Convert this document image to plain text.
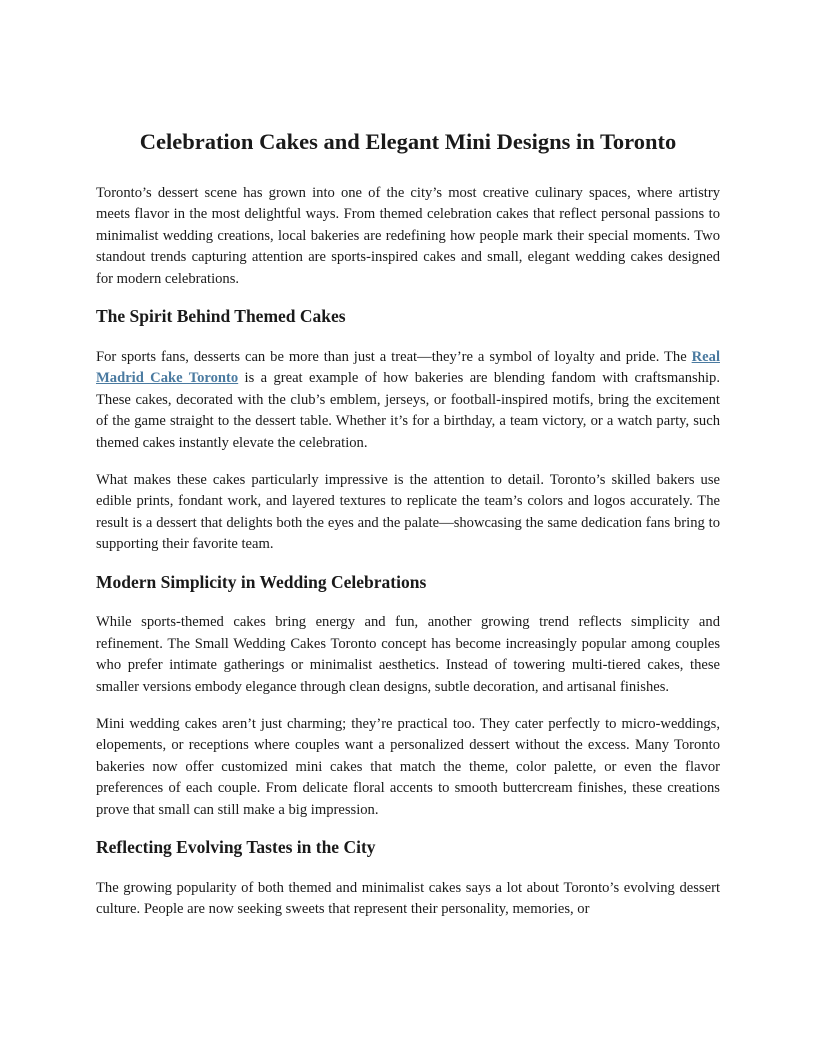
Celebration Cakes and Elegant Mini Designs in Toronto

Toronto’s dessert scene has grown into one of the city’s most creative culinary spaces, where artistry meets flavor in the most delightful ways. From themed celebration cakes that reflect personal passions to minimalist wedding creations, local bakeries are redefining how people mark their special moments. Two standout trends capturing attention are sports-inspired cakes and small, elegant wedding cakes designed for modern celebrations.

The Spirit Behind Themed Cakes

For sports fans, desserts can be more than just a treat—they’re a symbol of loyalty and pride. The Real Madrid Cake Toronto is a great example of how bakeries are blending fandom with craftsmanship. These cakes, decorated with the club’s emblem, jerseys, or football-inspired motifs, bring the excitement of the game straight to the dessert table. Whether it’s for a birthday, a team victory, or a watch party, such themed cakes instantly elevate the celebration.

What makes these cakes particularly impressive is the attention to detail. Toronto’s skilled bakers use edible prints, fondant work, and layered textures to replicate the team’s colors and logos accurately. The result is a dessert that delights both the eyes and the palate—showcasing the same dedication fans bring to supporting their favorite team.

Modern Simplicity in Wedding Celebrations

While sports-themed cakes bring energy and fun, another growing trend reflects simplicity and refinement. The Small Wedding Cakes Toronto concept has become increasingly popular among couples who prefer intimate gatherings or minimalist aesthetics. Instead of towering multi-tiered cakes, these smaller versions embody elegance through clean designs, subtle decoration, and artisanal finishes.

Mini wedding cakes aren’t just charming; they’re practical too. They cater perfectly to micro-weddings, elopements, or receptions where couples want a personalized dessert without the excess. Many Toronto bakeries now offer customized mini cakes that match the theme, color palette, or even the flavor preferences of each couple. From delicate floral accents to smooth buttercream finishes, these creations prove that small can still make a big impression.

Reflecting Evolving Tastes in the City

The growing popularity of both themed and minimalist cakes says a lot about Toronto’s evolving dessert culture. People are now seeking sweets that represent their personality, memories, or
